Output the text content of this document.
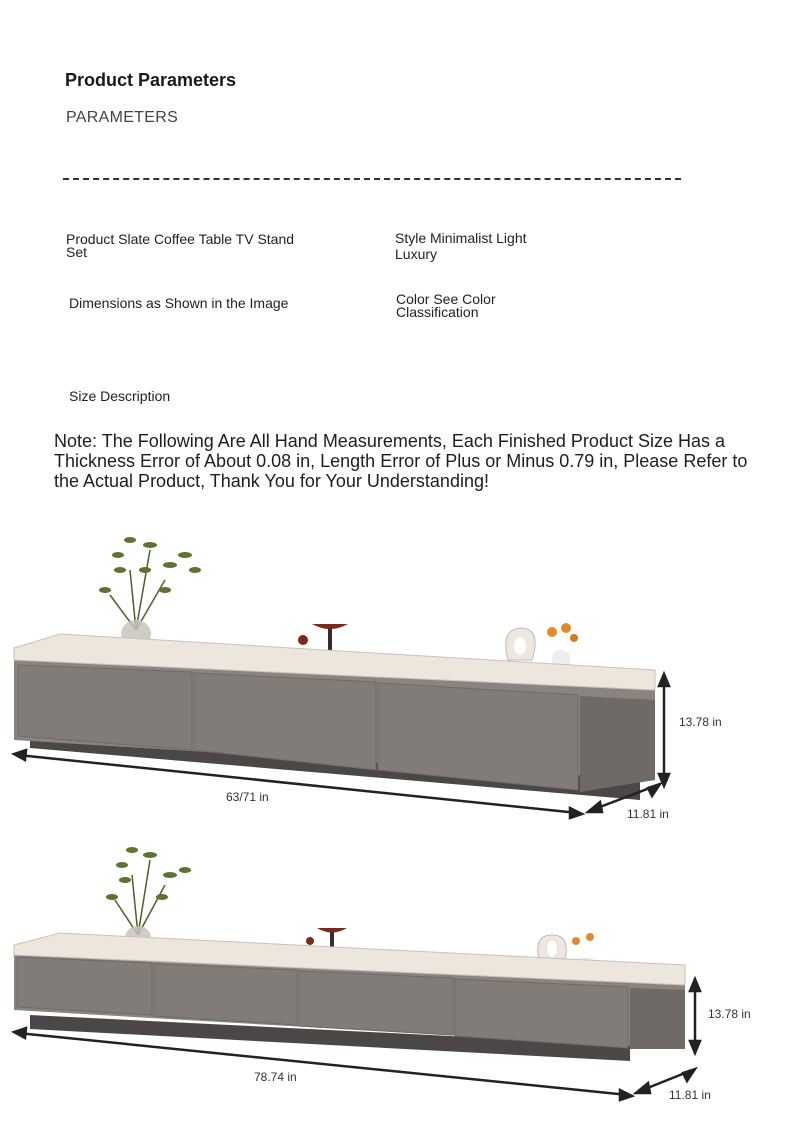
Product Parameters
PARAMETERS
Product Slate Coffee Table TV Stand Set
Style Minimalist Light Luxury
Dimensions as Shown in the Image	Color See Color Classification
Size Description
Note: The Following Are All Hand Measurements, Each Finished Product Size Has a Thickness Error of About 0.08 in, Length Error of Plus or Minus 0.79 in, Please Refer to the Actual Product, Thank You for Your Understanding!
63/71 in
13.78 in
11.81 in
78.74 in
13.78 in
11.81 in
